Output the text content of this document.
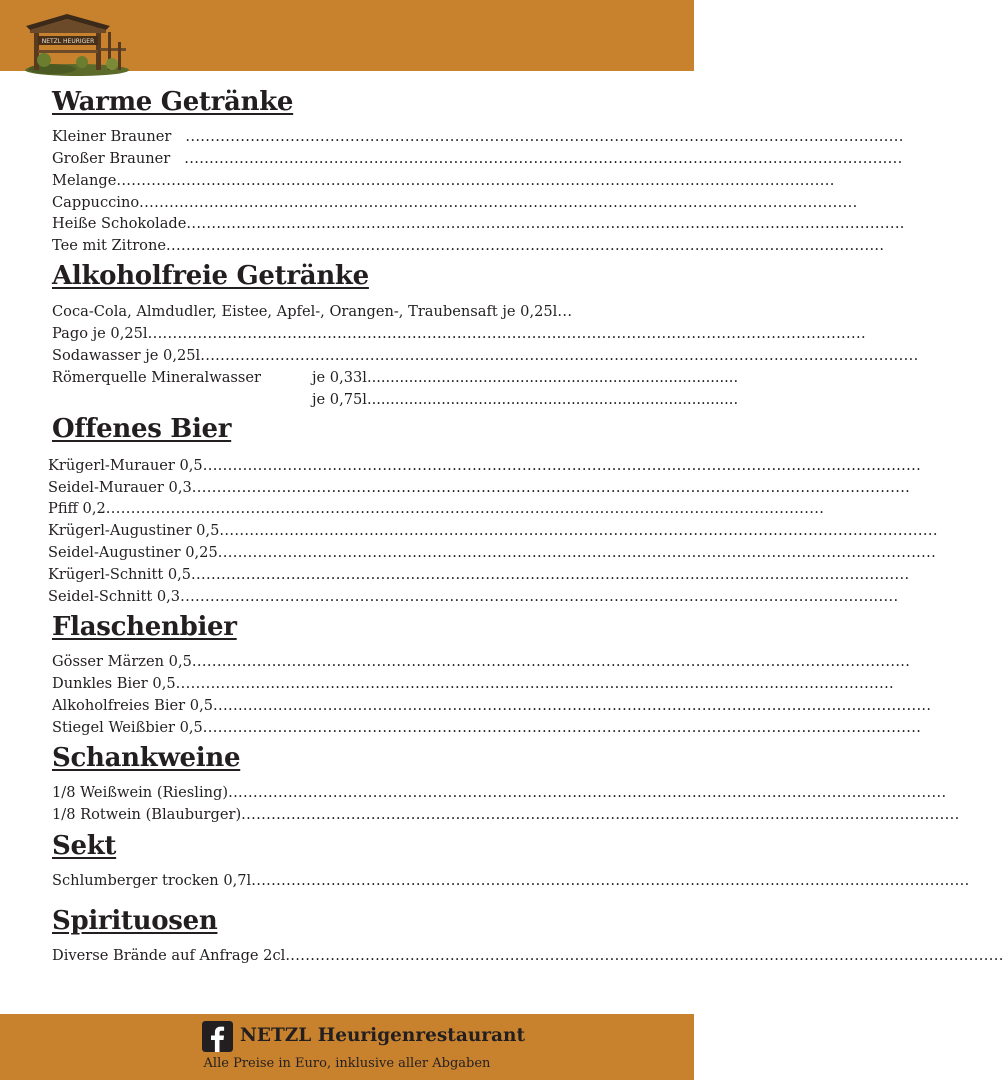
NETZL HEURIGER
Warme Getränke
Kleiner Brauner ................................................................................................................................................
Großer Brauner ................................................................................................................................................
Melange................................................................................................................................................
Cappuccino................................................................................................................................................
Heiße Schokolade................................................................................................................................................
Tee mit Zitrone................................................................................................................................................
Alkoholfreie Getränke
Coca-Cola, Almdudler, Eistee, Apfel-, Orangen-, Traubensaft je 0,25l...
Pago je 0,25l................................................................................................................................................
Sodawasser je 0,25l................................................................................................................................................
Römerquelle Mineralwasser	je 0,33l................................................................................
je 0,75l................................................................................
Offenes Bier
Krügerl-Murauer 0,5................................................................................................................................................
Seidel-Murauer 0,3................................................................................................................................................
Pfiff 0,2................................................................................................................................................
Krügerl-Augustiner 0,5................................................................................................................................................
Seidel-Augustiner 0,25................................................................................................................................................
Krügerl-Schnitt 0,5................................................................................................................................................
Seidel-Schnitt 0,3................................................................................................................................................
Flaschenbier
Gösser Märzen 0,5................................................................................................................................................
Dunkles Bier 0,5................................................................................................................................................
Alkoholfreies Bier 0,5................................................................................................................................................
Stiegel Weißbier 0,5................................................................................................................................................
Schankweine
1/8 Weißwein (Riesling)................................................................................................................................................
1/8 Rotwein (Blauburger)................................................................................................................................................
Sekt
Schlumberger trocken 0,7l................................................................................................................................................
Spirituosen
Diverse Brände auf Anfrage 2cl................................................................................................................................................
NETZL Heurigenrestaurant
Alle Preise in Euro, inklusive aller Abgaben
